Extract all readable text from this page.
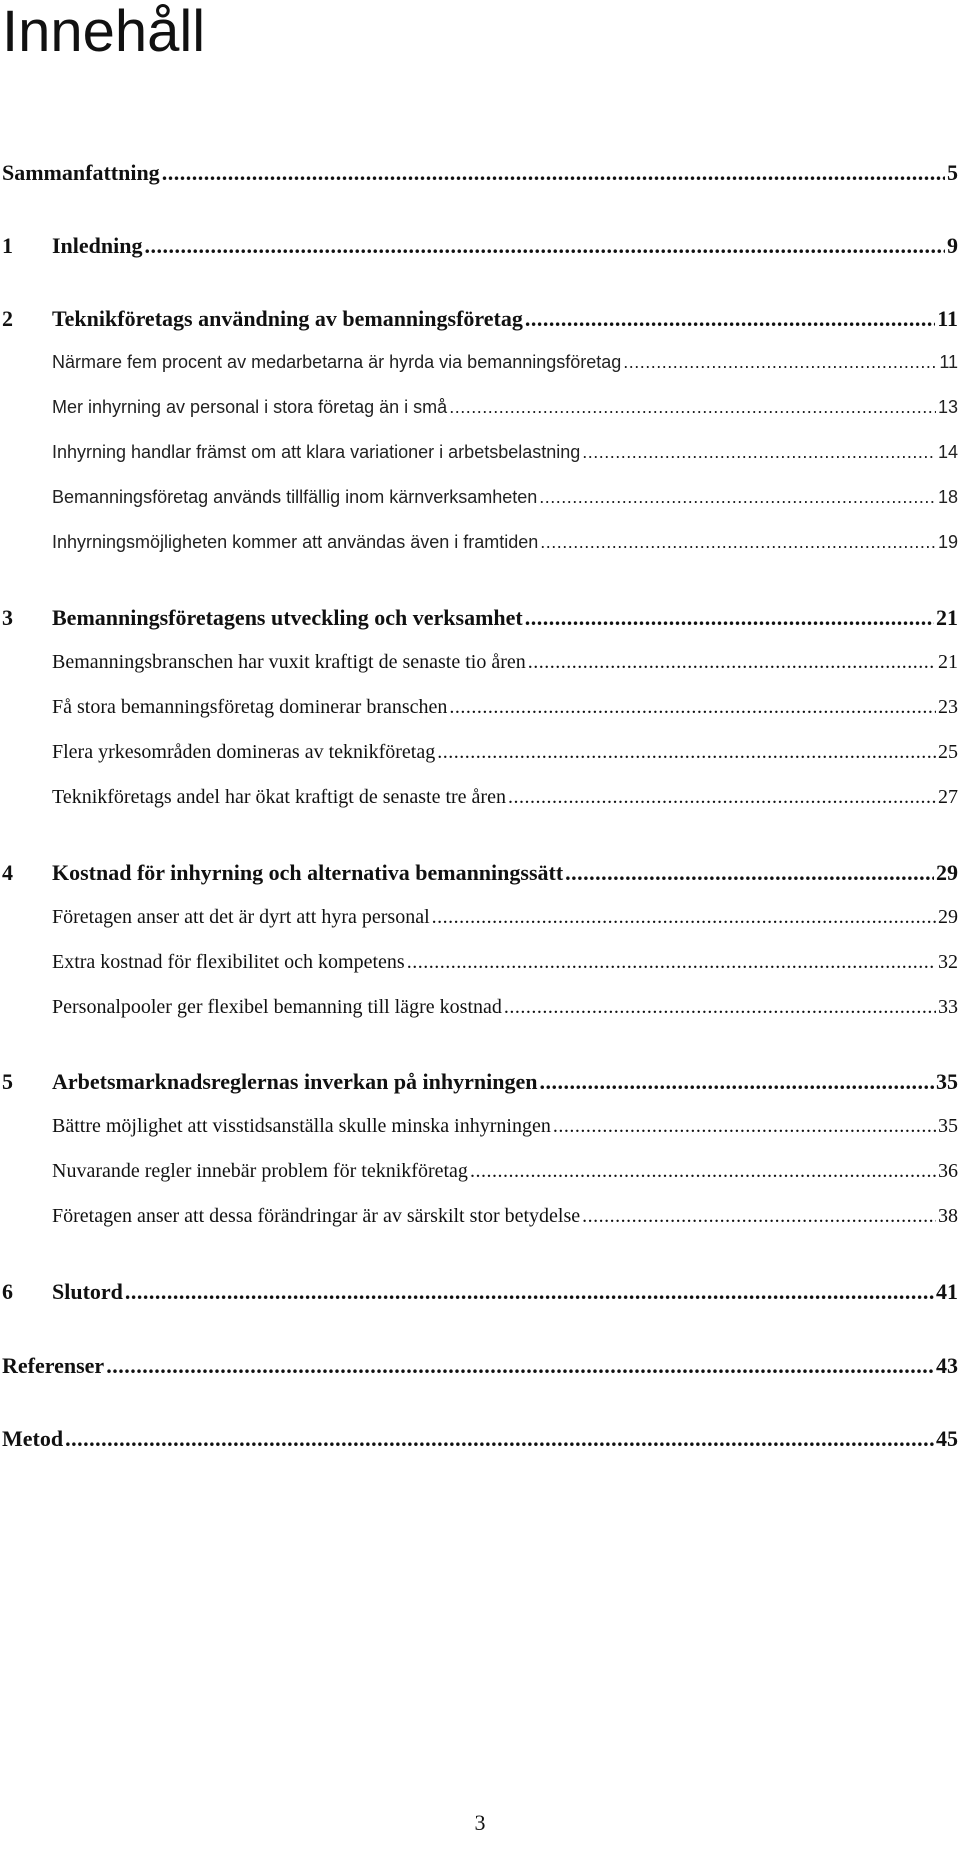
Innehåll
Sammanfattning .....	5
1	Inledning .....	9
2	Teknikföretags användning av bemanningsföretag .....	11
Närmare fem procent av medarbetarna är hyrda via bemanningsföretag .....	11
Mer inhyrning av personal i stora företag än i små .....	13
Inhyrning handlar främst om att klara variationer i arbetsbelastning .....	14
Bemanningsföretag används tillfällig inom kärnverksamheten .....	18
Inhyrningsmöjligheten kommer att användas även i framtiden .....	19
3	Bemanningsföretagens utveckling och verksamhet .....	21
Bemanningsbranschen har vuxit kraftigt de senaste tio åren .....	21
Få stora bemanningsföretag dominerar branschen .....	23
Flera yrkesområden domineras av teknikföretag .....	25
Teknikföretags andel har ökat kraftigt de senaste tre åren .....	27
4	Kostnad för inhyrning och alternativa bemanningssätt .....	29
Företagen anser att det är dyrt att hyra personal .....	29
Extra kostnad för flexibilitet och kompetens .....	32
Personalpooler ger flexibel bemanning till lägre kostnad .....	33
5	Arbetsmarknadsreglernas inverkan på inhyrningen .....	35
Bättre möjlighet att visstidsanställa skulle minska inhyrningen .....	35
Nuvarande regler innebär problem för teknikföretag .....	36
Företagen anser att dessa förändringar är av särskilt stor betydelse .....	38
6	Slutord .....	41
Referenser .....	43
Metod .....	45
3
